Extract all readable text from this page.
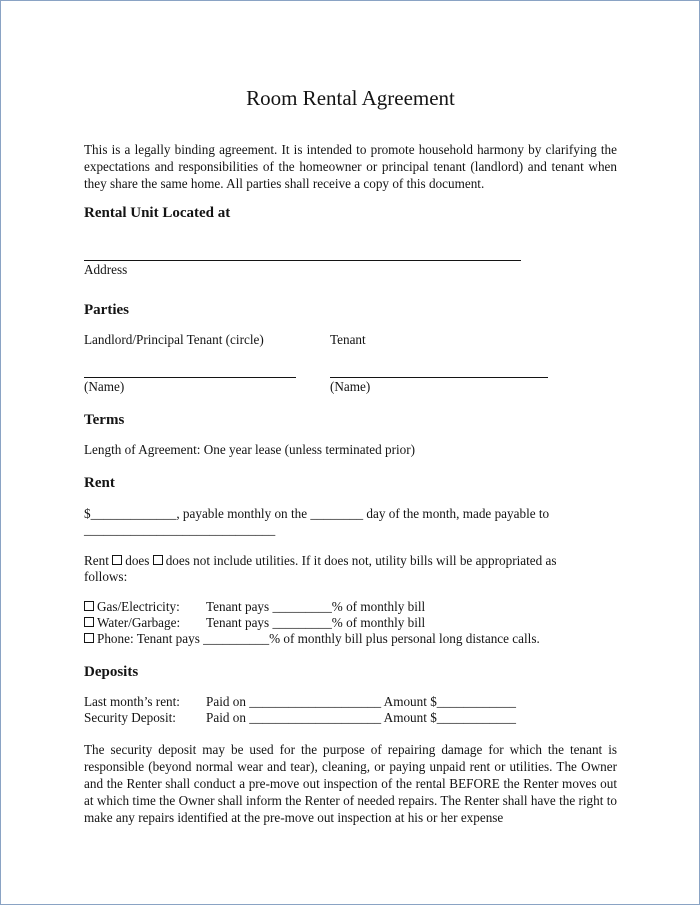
Room Rental Agreement
This is a legally binding agreement. It is intended to promote household harmony by clarifying the expectations and responsibilities of the homeowner or principal tenant (landlord) and tenant when they share the same home. All parties shall receive a copy of this document.
Rental Unit Located at
Address
Parties
Landlord/Principal Tenant (circle)	Tenant
(Name)	(Name)
Terms
Length of Agreement: One year lease (unless terminated prior)
Rent
$_____________, payable monthly on the ________ day of the month, made payable to
_____________________________
Rent does does not include utilities. If it does not, utility bills will be appropriated as
follows:
Gas/Electricity: Tenant pays _________% of monthly bill
Water/Garbage: Tenant pays _________% of monthly bill
Phone: Tenant pays __________% of monthly bill plus personal long distance calls.
Deposits
Last month’s rent: Paid on ____________________ Amount $____________
Security Deposit: Paid on ____________________ Amount $____________
The security deposit may be used for the purpose of repairing damage for which the tenant is responsible (beyond normal wear and tear), cleaning, or paying unpaid rent or utilities. The Owner and the Renter shall conduct a pre-move out inspection of the rental BEFORE the Renter moves out at which time the Owner shall inform the Renter of needed repairs. The Renter shall have the right to make any repairs identified at the pre-move out inspection at his or her expense
